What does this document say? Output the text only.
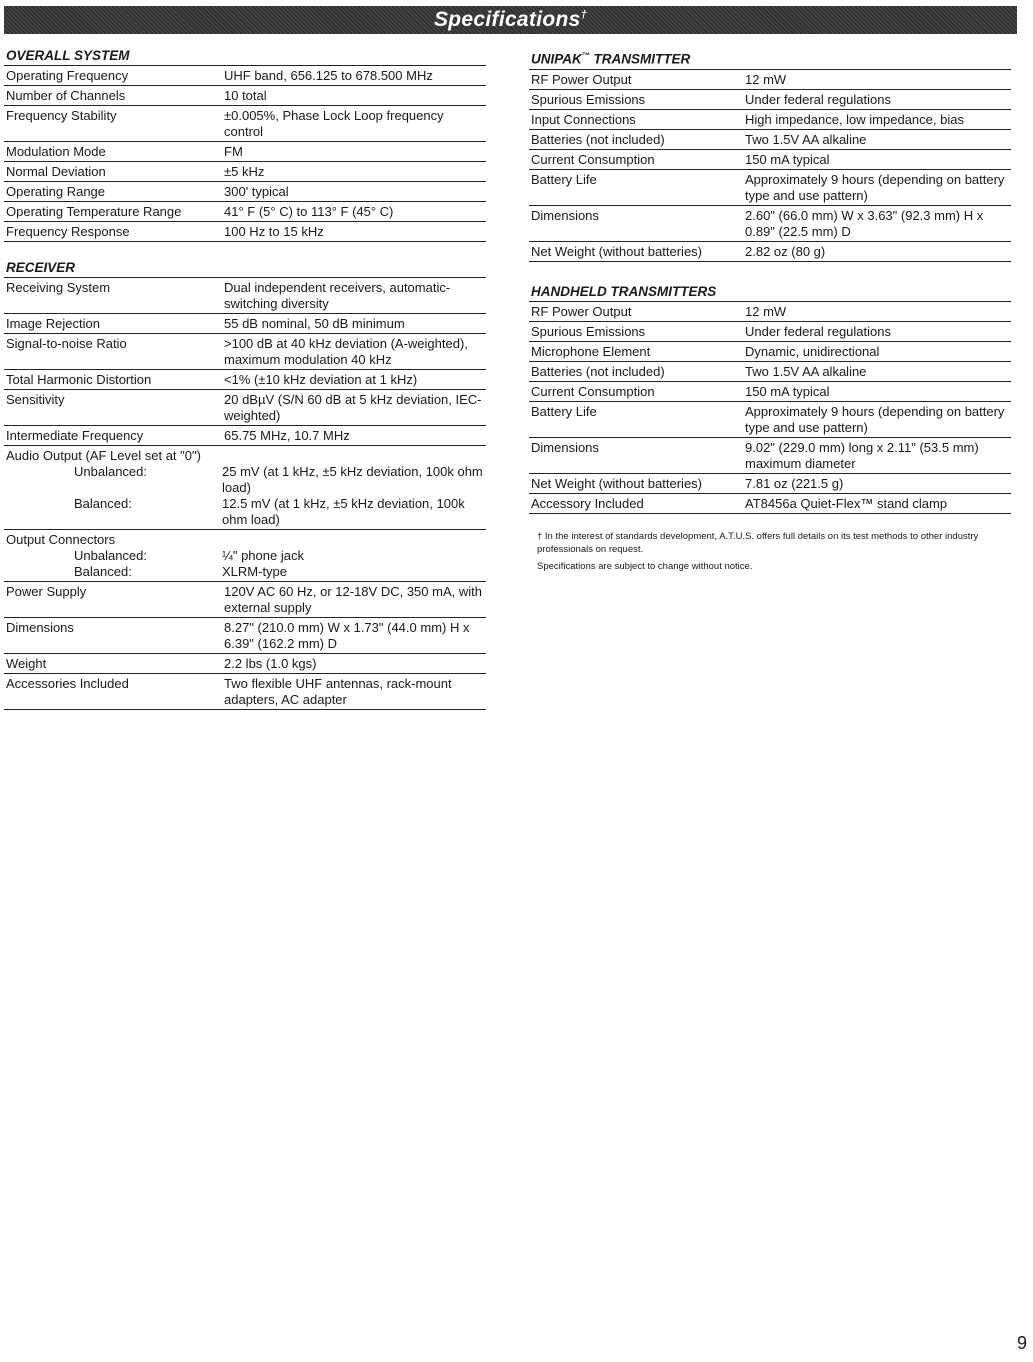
Specifications†
OVERALL SYSTEM
Operating Frequency	UHF band, 656.125 to 678.500 MHz
Number of Channels	10 total
Frequency Stability	±0.005%, Phase Lock Loop frequency control
Modulation Mode	FM
Normal Deviation	±5 kHz
Operating Range	300' typical
Operating Temperature Range	41° F (5° C) to 113° F (45° C)
Frequency Response	100 Hz to 15 kHz
RECEIVER
Receiving System	Dual independent receivers, automatic-switching diversity
Image Rejection	55 dB nominal, 50 dB minimum
Signal-to-noise Ratio	>100 dB at 40 kHz deviation (A-weighted), maximum modulation 40 kHz
Total Harmonic Distortion	<1% (±10 kHz deviation at 1 kHz)
Sensitivity	20 dBµV (S/N 60 dB at 5 kHz deviation, IEC-weighted)
Intermediate Frequency	65.75 MHz, 10.7 MHz
Audio Output (AF Level set at "0")
Unbalanced:	25 mV (at 1 kHz, ±5 kHz deviation, 100k ohm load)
Balanced:	12.5 mV (at 1 kHz, ±5 kHz deviation, 100k ohm load)
Output Connectors
Unbalanced:	¼" phone jack
Balanced:	XLRM-type
Power Supply	120V AC 60 Hz, or 12-18V DC, 350 mA, with external supply
Dimensions	8.27" (210.0 mm) W x 1.73" (44.0 mm) H x 6.39" (162.2 mm) D
Weight	2.2 lbs (1.0 kgs)
Accessories Included	Two flexible UHF antennas, rack-mount adapters, AC adapter
UNIPAK™ TRANSMITTER
RF Power Output	12 mW
Spurious Emissions	Under federal regulations
Input Connections	High impedance, low impedance, bias
Batteries (not included)	Two 1.5V AA alkaline
Current Consumption	150 mA typical
Battery Life	Approximately 9 hours (depending on battery type and use pattern)
Dimensions	2.60" (66.0 mm) W x 3.63" (92.3 mm) H x 0.89" (22.5 mm) D
Net Weight (without batteries)	2.82 oz (80 g)
HANDHELD TRANSMITTERS
RF Power Output	12 mW
Spurious Emissions	Under federal regulations
Microphone Element	Dynamic, unidirectional
Batteries (not included)	Two 1.5V AA alkaline
Current Consumption	150 mA typical
Battery Life	Approximately 9 hours (depending on battery type and use pattern)
Dimensions	9.02" (229.0 mm) long x 2.11" (53.5 mm) maximum diameter
Net Weight (without batteries)	7.81 oz (221.5 g)
Accessory Included	AT8456a Quiet-Flex™ stand clamp

† In the interest of standards development, A.T.U.S. offers full details on its test methods to other industry professionals on request.

Specifications are subject to change without notice.

9
